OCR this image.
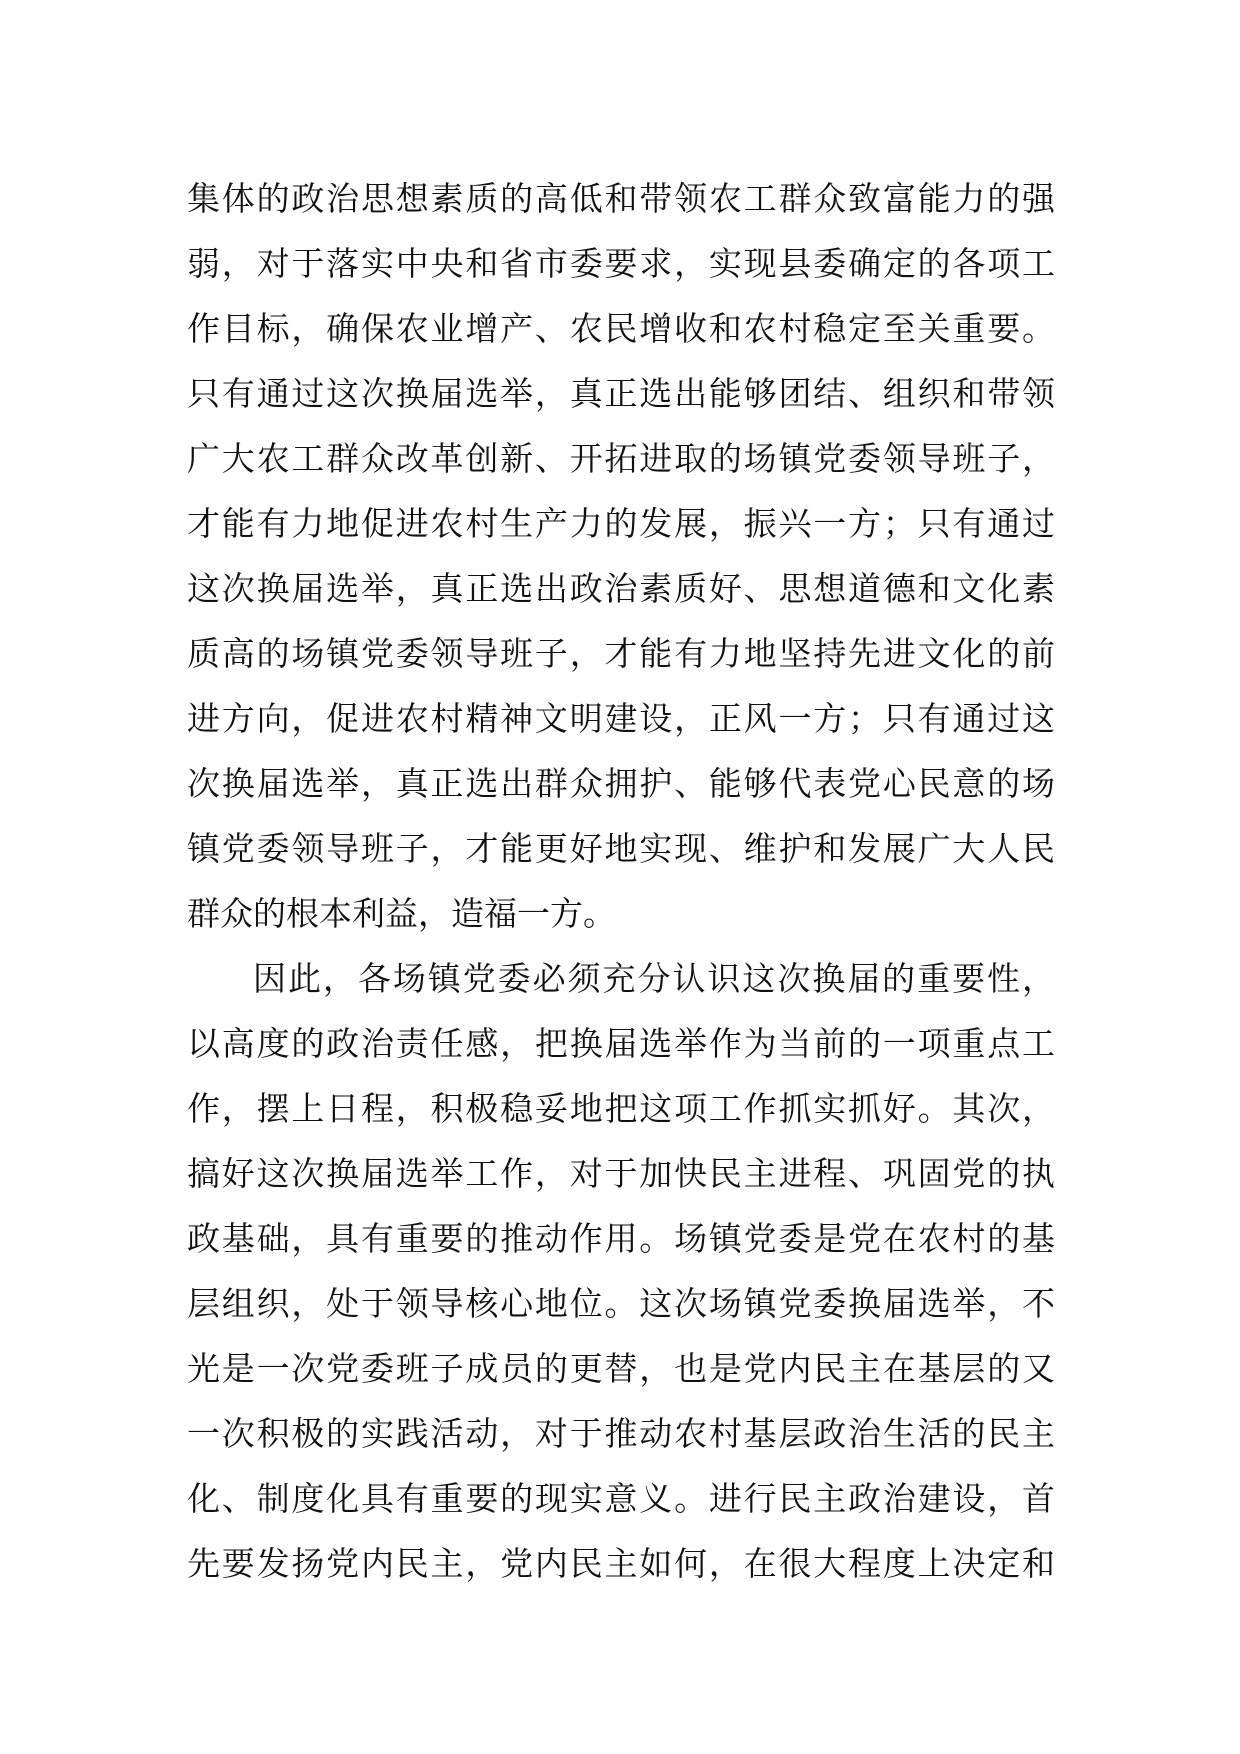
集体的政治思想素质的高低和带领农工群众致富能力的强
弱，对于落实中央和省市委要求，实现县委确定的各项工
作目标，确保农业增产、农民增收和农村稳定至关重要。
只有通过这次换届选举，真正选出能够团结、组织和带领
广大农工群众改革创新、开拓进取的场镇党委领导班子，
才能有力地促进农村生产力的发展，振兴一方；只有通过
这次换届选举，真正选出政治素质好、思想道德和文化素
质高的场镇党委领导班子，才能有力地坚持先进文化的前
进方向，促进农村精神文明建设，正风一方；只有通过这
次换届选举，真正选出群众拥护、能够代表党心民意的场
镇党委领导班子，才能更好地实现、维护和发展广大人民
群众的根本利益，造福一方。
因此，各场镇党委必须充分认识这次换届的重要性，
以高度的政治责任感，把换届选举作为当前的一项重点工
作，摆上日程，积极稳妥地把这项工作抓实抓好。其次，
搞好这次换届选举工作，对于加快民主进程、巩固党的执
政基础，具有重要的推动作用。场镇党委是党在农村的基
层组织，处于领导核心地位。这次场镇党委换届选举，不
光是一次党委班子成员的更替，也是党内民主在基层的又
一次积极的实践活动，对于推动农村基层政治生活的民主
化、制度化具有重要的现实意义。进行民主政治建设，首
先要发扬党内民主，党内民主如何，在很大程度上决定和
